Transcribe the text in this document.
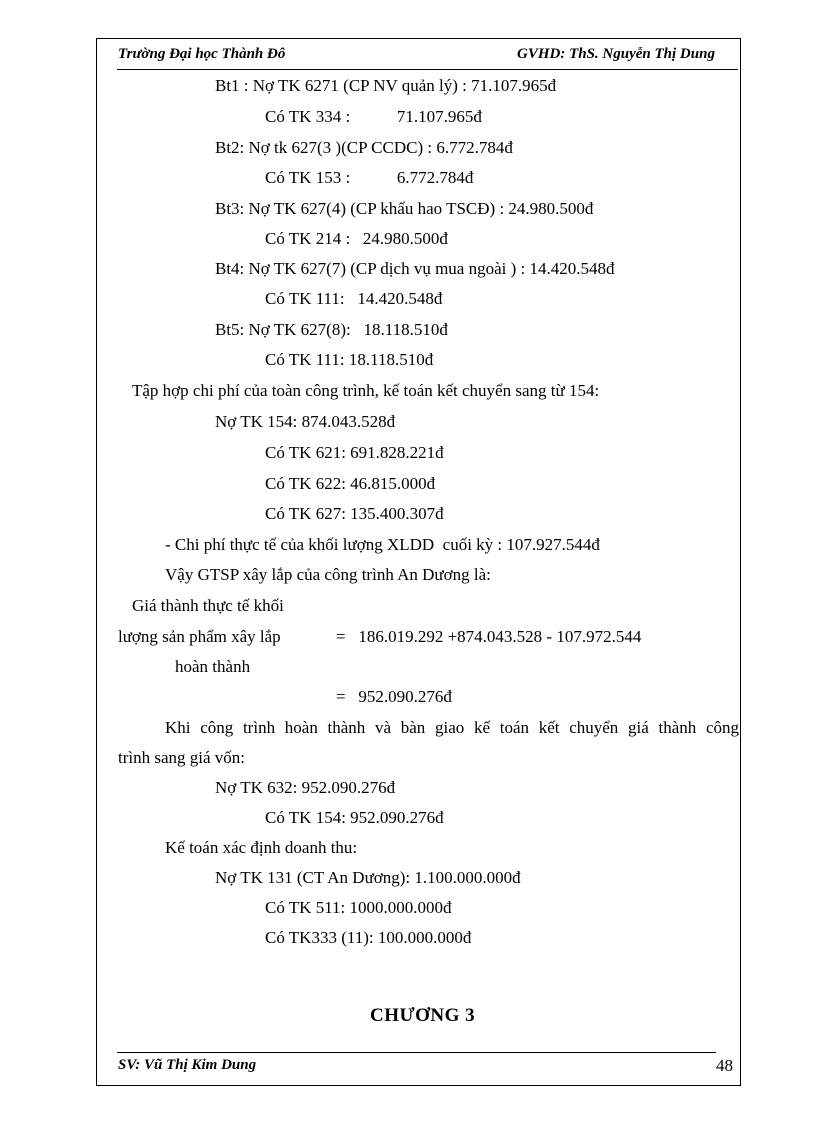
Trường Đại học Thành Đô	GVHD: ThS. Nguyễn Thị Dung
Bt1 : Nợ TK 6271 (CP NV quản lý) : 71.107.965đ
Có TK 334 :           71.107.965đ
Bt2: Nợ tk 627(3 )(CP CCDC) : 6.772.784đ
Có TK 153 :           6.772.784đ
Bt3: Nợ TK 627(4) (CP khấu hao TSCĐ) : 24.980.500đ
Có TK 214 :   24.980.500đ
Bt4: Nợ TK 627(7) (CP dịch vụ mua ngoài ) : 14.420.548đ
Có TK 111:   14.420.548đ
Bt5: Nợ TK 627(8):   18.118.510đ
Có TK 111: 18.118.510đ
Tập hợp chi phí của toàn công trình, kế toán kết chuyển sang từ 154:
Nợ TK 154: 874.043.528đ
Có TK 621: 691.828.221đ
Có TK 622: 46.815.000đ
Có TK 627: 135.400.307đ
- Chi phí thực tế của khối lượng XLDD  cuối kỳ : 107.927.544đ
Vậy GTSP xây lắp của công trình An Dương là:
Giá thành thực tế khối
lượng sản phẩm xây lắp
hoàn thành
=   186.019.292 +874.043.528 - 107.972.544
=   952.090.276đ
Khi công trình hoàn thành và bàn giao kế toán kết chuyển giá thành công
trình sang giá vốn:
Nợ TK 632: 952.090.276đ
Có TK 154: 952.090.276đ
Kế toán xác định doanh thu:
Nợ TK 131 (CT An Dương): 1.100.000.000đ
Có TK 511: 1000.000.000đ
Có TK333 (11): 100.000.000đ
CHƯƠNG 3
SV: Vũ Thị Kim Dung	48
